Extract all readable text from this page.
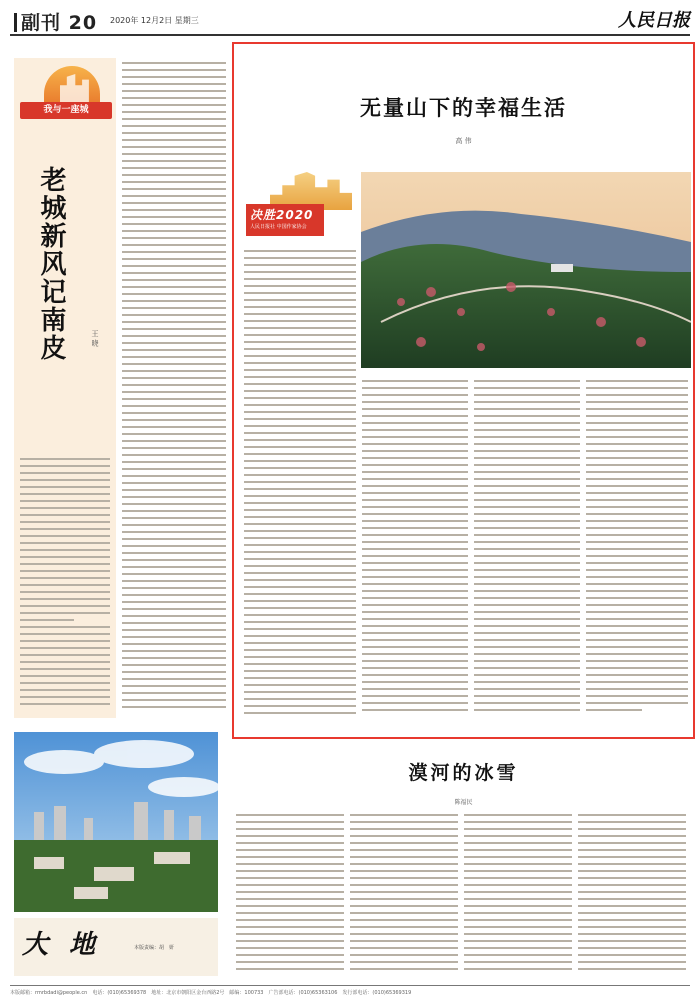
副刊 20 2020年 12月2日 星期三	人民日报
我与一座城
老城新风记南皮	王 晓
无量山下的幸福生活
高 伟
决胜2020
人民日报社 中国作家协会
大 地	本版责编：胡　妍
漠河的冰雪
陈福民
本版邮箱：rmrbdadi@people.cn　电话：(010)65369378　地址：北京市朝阳区金台西路2号　邮编：100733　广告部电话：(010)65363106　发行部电话：(010)65369319
